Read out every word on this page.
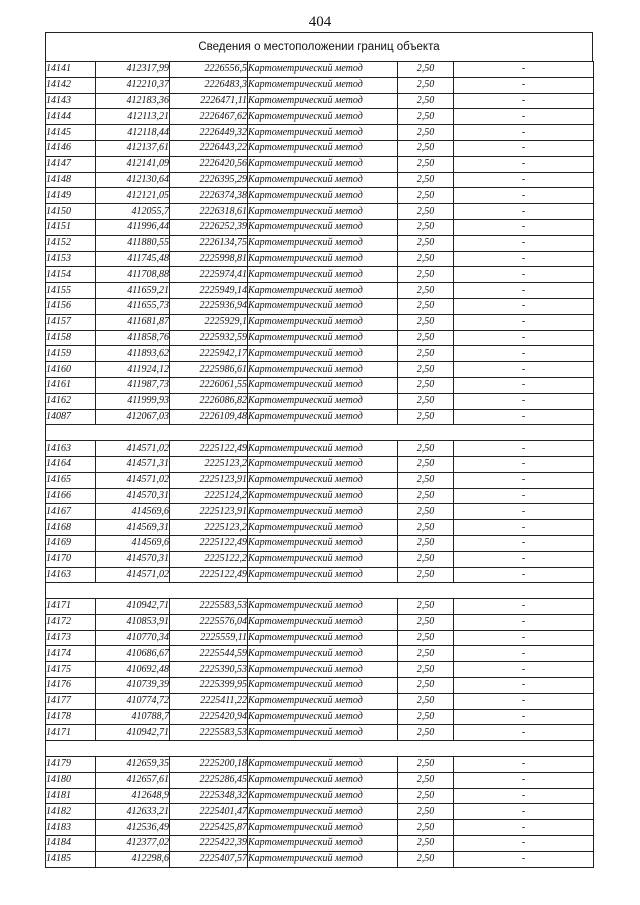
404
Сведения о местоположении границ объекта
14141	412317,99	2226556,5	Картометрический метод	2,50	-
14142	412210,37	2226483,3	Картометрический метод	2,50	-
14143	412183,36	2226471,11	Картометрический метод	2,50	-
14144	412113,21	2226467,62	Картометрический метод	2,50	-
14145	412118,44	2226449,32	Картометрический метод	2,50	-
14146	412137,61	2226443,22	Картометрический метод	2,50	-
14147	412141,09	2226420,56	Картометрический метод	2,50	-
14148	412130,64	2226395,29	Картометрический метод	2,50	-
14149	412121,05	2226374,38	Картометрический метод	2,50	-
14150	412055,7	2226318,61	Картометрический метод	2,50	-
14151	411996,44	2226252,39	Картометрический метод	2,50	-
14152	411880,55	2226134,75	Картометрический метод	2,50	-
14153	411745,48	2225998,81	Картометрический метод	2,50	-
14154	411708,88	2225974,41	Картометрический метод	2,50	-
14155	411659,21	2225949,14	Картометрический метод	2,50	-
14156	411655,73	2225936,94	Картометрический метод	2,50	-
14157	411681,87	2225929,1	Картометрический метод	2,50	-
14158	411858,76	2225932,59	Картометрический метод	2,50	-
14159	411893,62	2225942,17	Картометрический метод	2,50	-
14160	411924,12	2225986,61	Картометрический метод	2,50	-
14161	411987,73	2226061,55	Картометрический метод	2,50	-
14162	411999,93	2226086,82	Картометрический метод	2,50	-
14087	412067,03	2226109,48	Картометрический метод	2,50	-

14163	414571,02	2225122,49	Картометрический метод	2,50	-
14164	414571,31	2225123,2	Картометрический метод	2,50	-
14165	414571,02	2225123,91	Картометрический метод	2,50	-
14166	414570,31	2225124,2	Картометрический метод	2,50	-
14167	414569,6	2225123,91	Картометрический метод	2,50	-
14168	414569,31	2225123,2	Картометрический метод	2,50	-
14169	414569,6	2225122,49	Картометрический метод	2,50	-
14170	414570,31	2225122,2	Картометрический метод	2,50	-
14163	414571,02	2225122,49	Картометрический метод	2,50	-

14171	410942,71	2225583,53	Картометрический метод	2,50	-
14172	410853,91	2225576,04	Картометрический метод	2,50	-
14173	410770,34	2225559,11	Картометрический метод	2,50	-
14174	410686,67	2225544,59	Картометрический метод	2,50	-
14175	410692,48	2225390,53	Картометрический метод	2,50	-
14176	410739,39	2225399,95	Картометрический метод	2,50	-
14177	410774,72	2225411,22	Картометрический метод	2,50	-
14178	410788,7	2225420,94	Картометрический метод	2,50	-
14171	410942,71	2225583,53	Картометрический метод	2,50	-

14179	412659,35	2225200,18	Картометрический метод	2,50	-
14180	412657,61	2225286,45	Картометрический метод	2,50	-
14181	412648,9	2225348,32	Картометрический метод	2,50	-
14182	412633,21	2225401,47	Картометрический метод	2,50	-
14183	412536,49	2225425,87	Картометрический метод	2,50	-
14184	412377,02	2225422,39	Картометрический метод	2,50	-
14185	412298,6	2225407,57	Картометрический метод	2,50	-
